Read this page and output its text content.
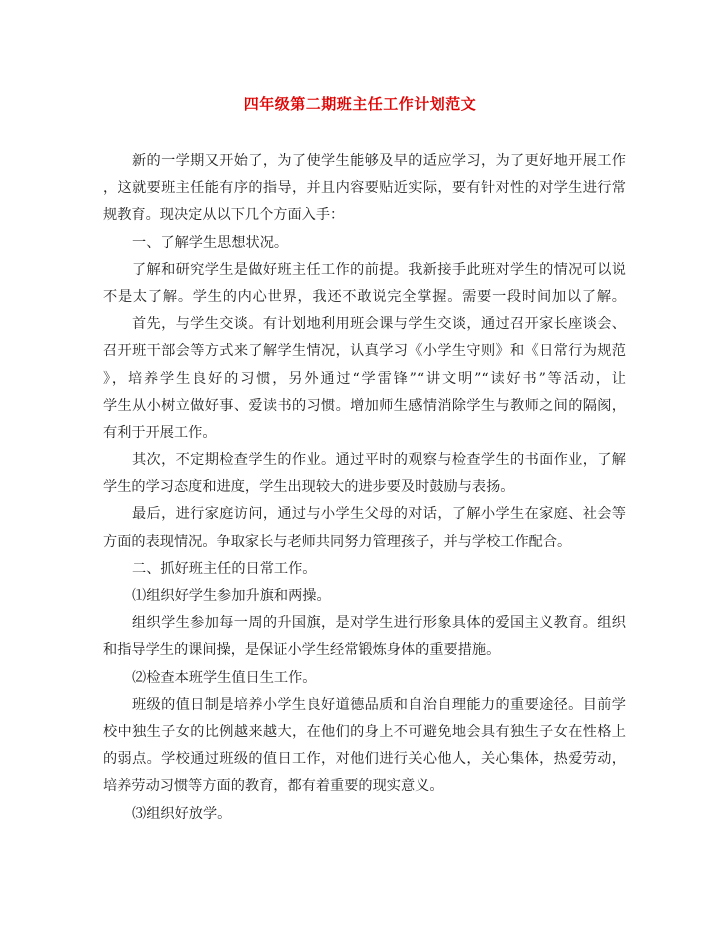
四年级第二期班主任工作计划范文
新的一学期又开始了，为了使学生能够及早的适应学习，为了更好地开展工作
，这就要班主任能有序的指导，并且内容要贴近实际，要有针对性的对学生进行常
规教育。现决定从以下几个方面入手：
一、了解学生思想状况。
了解和研究学生是做好班主任工作的前提。我新接手此班对学生的情况可以说
不是太了解。学生的内心世界，我还不敢说完全掌握。需要一段时间加以了解。
首先，与学生交谈。有计划地利用班会课与学生交谈，通过召开家长座谈会、
召开班干部会等方式来了解学生情况，认真学习《小学生守则》和《日常行为规范
》，培养学生良好的习惯，另外通过“学雷锋”“讲文明”“读好书”等活动，让
学生从小树立做好事、爱读书的习惯。增加师生感情消除学生与教师之间的隔阂，
有利于开展工作。
其次，不定期检查学生的作业。通过平时的观察与检查学生的书面作业，了解
学生的学习态度和进度，学生出现较大的进步要及时鼓励与表扬。
最后，进行家庭访问，通过与小学生父母的对话，了解小学生在家庭、社会等
方面的表现情况。争取家长与老师共同努力管理孩子，并与学校工作配合。
二、抓好班主任的日常工作。
⑴组织好学生参加升旗和两操。
组织学生参加每一周的升国旗，是对学生进行形象具体的爱国主义教育。组织
和指导学生的课间操，是保证小学生经常锻炼身体的重要措施。
⑵检查本班学生值日生工作。
班级的值日制是培养小学生良好道德品质和自治自理能力的重要途径。目前学
校中独生子女的比例越来越大，在他们的身上不可避免地会具有独生子女在性格上
的弱点。学校通过班级的值日工作，对他们进行关心他人，关心集体，热爱劳动，
培养劳动习惯等方面的教育，都有着重要的现实意义。
⑶组织好放学。
